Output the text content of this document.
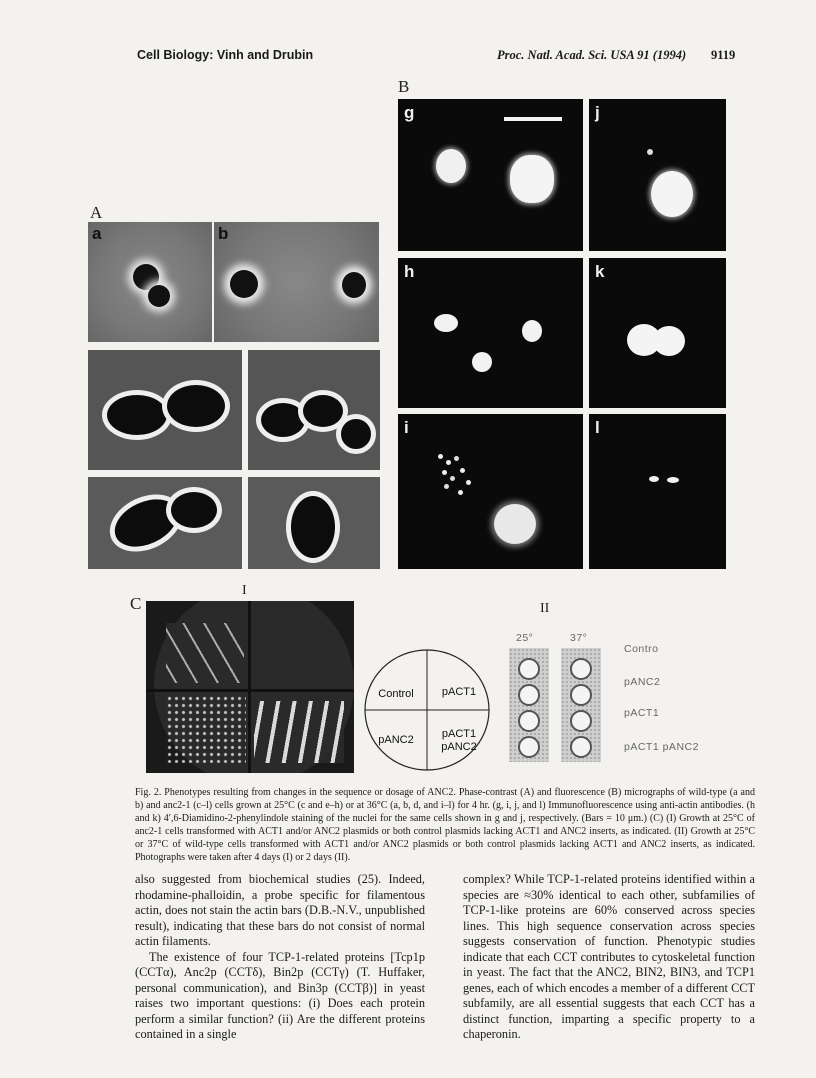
Cell Biology: Vinh and Drubin	Proc. Natl. Acad. Sci. USA 91 (1994) 9119
A
a	b
B
g	j
h	k
i	l
C
I
Control	pACT1
pANC2	pACT1 pANC2
II
25°	37°
Contro
pANC2
pACT1
pACT1 pANC2
Fig. 2. Phenotypes resulting from changes in the sequence or dosage of ANC2. Phase-contrast (A) and fluorescence (B) micrographs of wild-type (a and b) and anc2-1 (c–l) cells grown at 25°C (c and e–h) or at 36°C (a, b, d, and i–l) for 4 hr. (g, i, j, and l) Immunofluorescence using anti-actin antibodies. (h and k) 4′,6-Diamidino-2-phenylindole staining of the nuclei for the same cells shown in g and j, respectively. (Bars = 10 μm.) (C) (I) Growth at 25°C of anc2-1 cells transformed with ACT1 and/or ANC2 plasmids or both control plasmids lacking ACT1 and ANC2 inserts, as indicated. (II) Growth at 25°C or 37°C of wild-type cells transformed with ACT1 and/or ANC2 plasmids or both control plasmids lacking ACT1 and ANC2 inserts, as indicated. Photographs were taken after 4 days (I) or 2 days (II).

also suggested from biochemical studies (25). Indeed, rhodamine-phalloidin, a probe specific for filamentous actin, does not stain the actin bars (D.B.-N.V., unpublished result), indicating that these bars do not consist of normal actin filaments.

The existence of four TCP-1-related proteins [Tcp1p (CCTα), Anc2p (CCTδ), Bin2p (CCTγ) (T. Huffaker, personal communication), and Bin3p (CCTβ)] in yeast raises two important questions: (i) Does each protein perform a similar function? (ii) Are the different proteins contained in a single

complex? While TCP-1-related proteins identified within a species are ≈30% identical to each other, subfamilies of TCP-1-like proteins are 60% conserved across species lines. This high sequence conservation across species suggests conservation of function. Phenotypic studies indicate that each CCT contributes to cytoskeletal function in yeast. The fact that the ANC2, BIN2, BIN3, and TCP1 genes, each of which encodes a member of a different CCT subfamily, are all essential suggests that each CCT has a distinct function, imparting a specific property to a chaperonin.
